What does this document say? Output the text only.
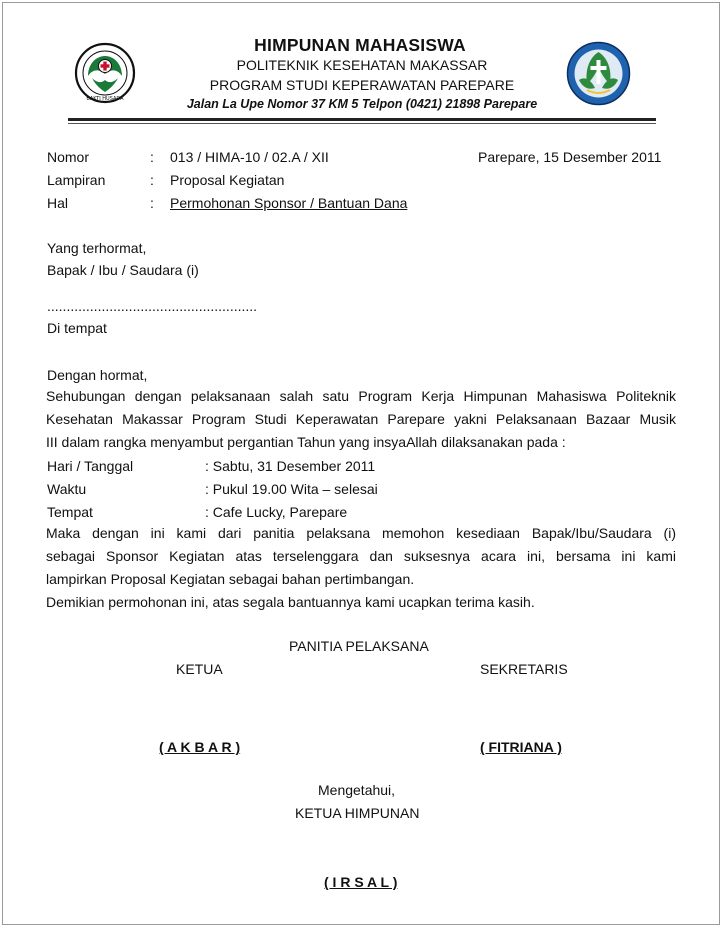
BAKTI HUSADA
HIMPUNAN MAHASISWA
POLITEKNIK KESEHATAN MAKASSAR
PROGRAM STUDI KEPERAWATAN PAREPARE
Jalan La Upe Nomor 37 KM 5 Telpon (0421) 21898 Parepare
Nomor	: 013 / HIMA-10 / 02.A / XII	Parepare, 15 Desember 2011
Lampiran	: Proposal Kegiatan
Hal	: Permohonan Sponsor / Bantuan Dana
Yang terhormat,
Bapak / Ibu / Saudara (i)
......................................................
Di tempat
Dengan hormat,
Sehubungan dengan pelaksanaan salah satu Program Kerja Himpunan Mahasiswa Politeknik
Kesehatan Makassar Program Studi Keperawatan Parepare yakni Pelaksanaan Bazaar Musik
III dalam rangka menyambut pergantian Tahun yang insyaAllah dilaksanakan pada :
Hari / Tanggal	: Sabtu, 31 Desember 2011
Waktu	: Pukul 19.00 Wita – selesai
Tempat	: Cafe Lucky, Parepare
Maka dengan ini kami dari panitia pelaksana memohon kesediaan Bapak/Ibu/Saudara (i)
sebagai Sponsor Kegiatan atas terselenggara dan suksesnya acara ini, bersama ini kami
lampirkan Proposal Kegiatan sebagai bahan pertimbangan.
Demikian permohonan ini, atas segala bantuannya kami ucapkan terima kasih.
PANITIA PELAKSANA
KETUA	SEKRETARIS
( A K B A R )	( FITRIANA )
Mengetahui,
KETUA HIMPUNAN
( I R S A L )
